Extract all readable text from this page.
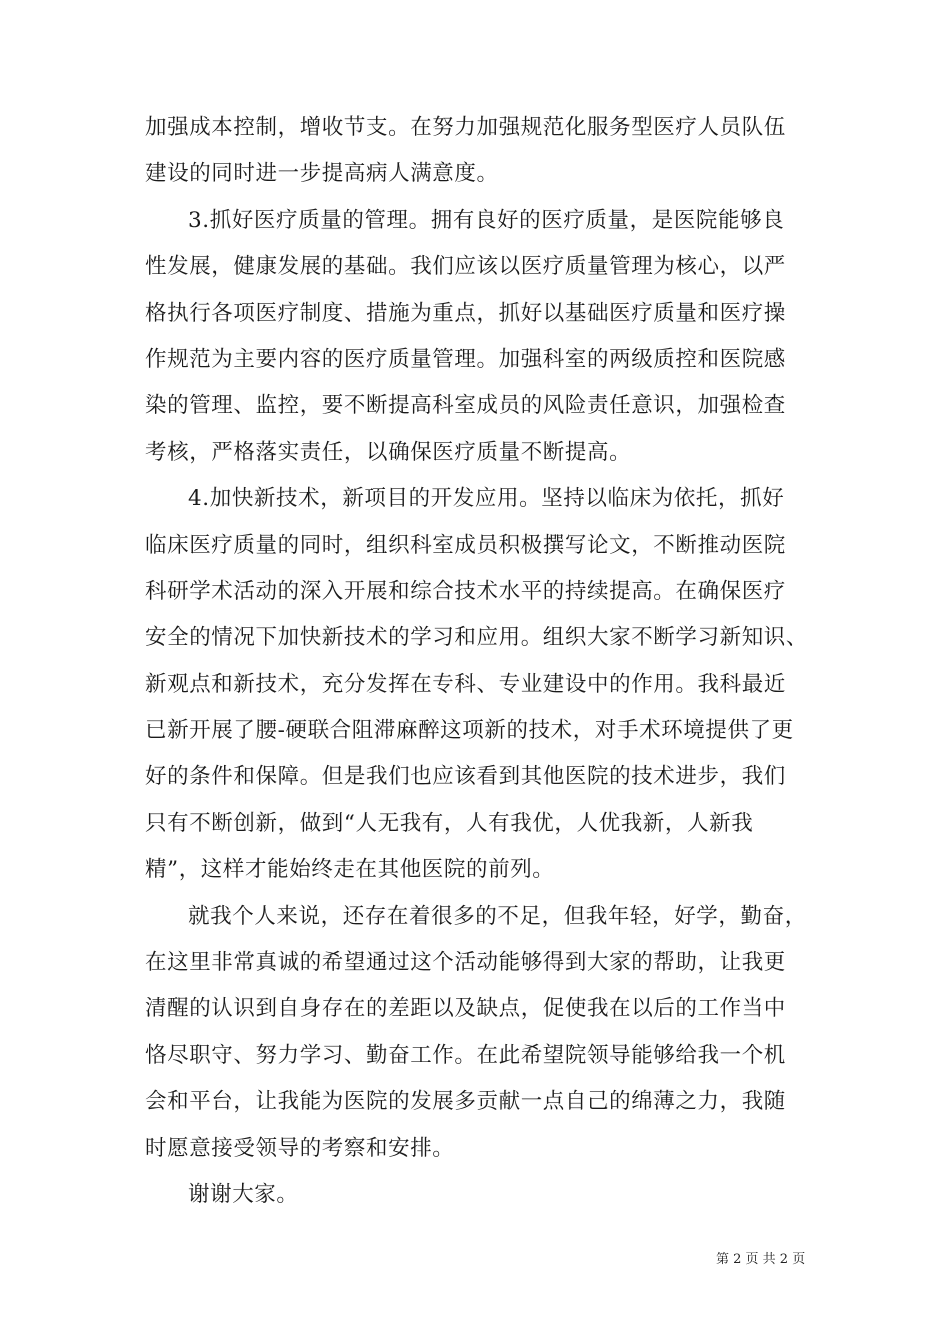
加强成本控制，增收节支。在努力加强规范化服务型医疗人员队伍
建设的同时进一步提高病人满意度。
3.抓好医疗质量的管理。拥有良好的医疗质量，是医院能够良
性发展，健康发展的基础。我们应该以医疗质量管理为核心，以严
格执行各项医疗制度、措施为重点，抓好以基础医疗质量和医疗操
作规范为主要内容的医疗质量管理。加强科室的两级质控和医院感
染的管理、监控，要不断提高科室成员的风险责任意识，加强检查
考核，严格落实责任，以确保医疗质量不断提高。
4.加快新技术，新项目的开发应用。坚持以临床为依托，抓好
临床医疗质量的同时，组织科室成员积极撰写论文，不断推动医院
科研学术活动的深入开展和综合技术水平的持续提高。在确保医疗
安全的情况下加快新技术的学习和应用。组织大家不断学习新知识、
新观点和新技术，充分发挥在专科、专业建设中的作用。我科最近
已新开展了腰-硬联合阻滞麻醉这项新的技术，对手术环境提供了更
好的条件和保障。但是我们也应该看到其他医院的技术进步，我们
只有不断创新，做到“人无我有，人有我优，人优我新，人新我
精”，这样才能始终走在其他医院的前列。
就我个人来说，还存在着很多的不足，但我年轻，好学，勤奋，
在这里非常真诚的希望通过这个活动能够得到大家的帮助，让我更
清醒的认识到自身存在的差距以及缺点，促使我在以后的工作当中
恪尽职守、努力学习、勤奋工作。在此希望院领导能够给我一个机
会和平台，让我能为医院的发展多贡献一点自己的绵薄之力，我随
时愿意接受领导的考察和安排。
谢谢大家。
第 2 页 共 2 页
